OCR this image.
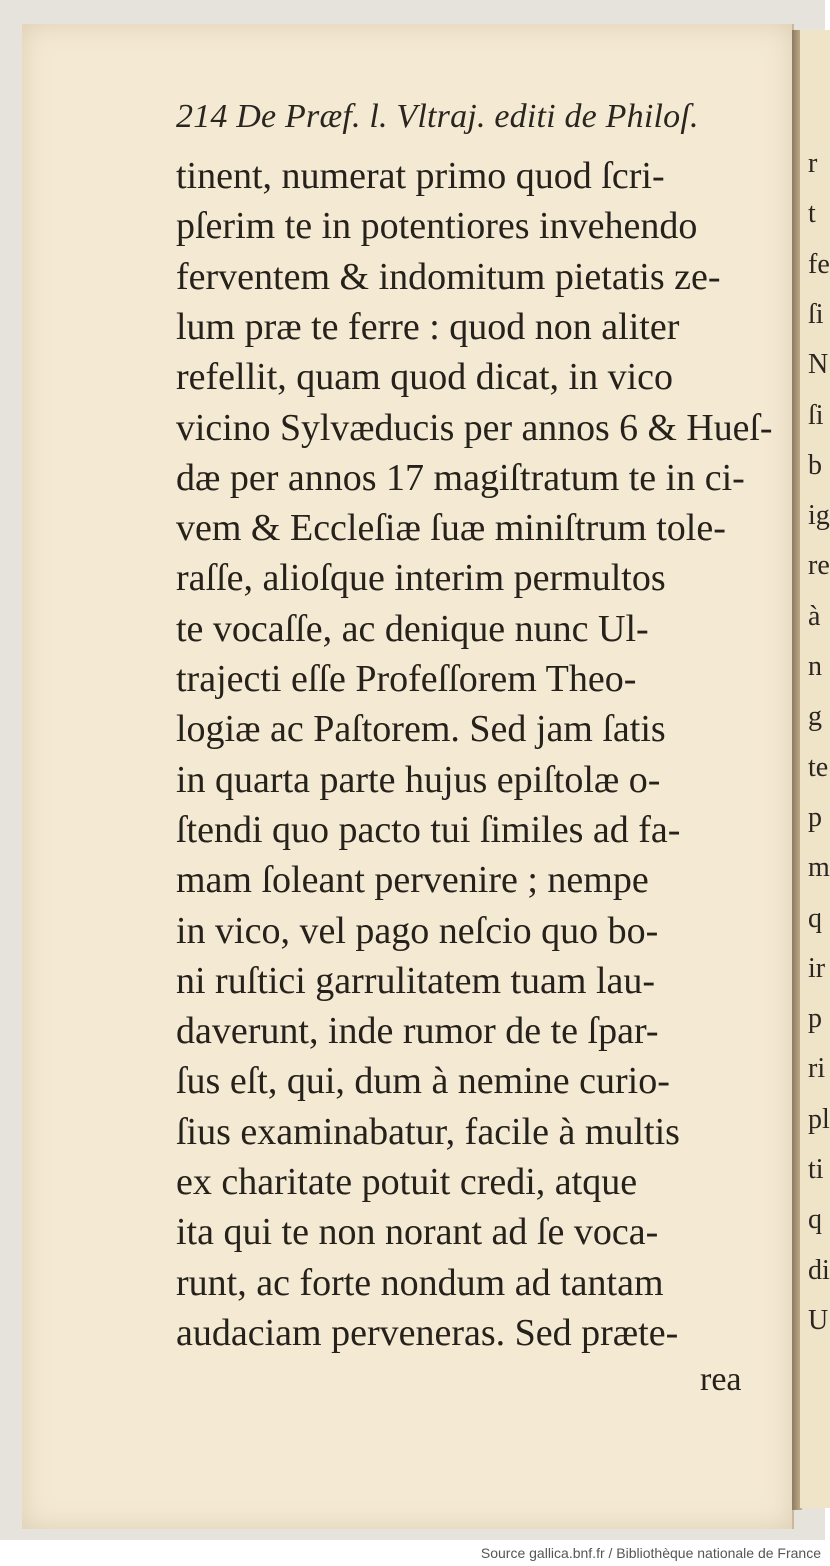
r
t
fe
ſi
N
ſi
b
ig
re
à
n
g
te
p
m
q
ir
p
ri
pl
ti
q
di
U
214 De Præf. l. Vltraj. editi de Philoſ.
tinent, numerat primo quod ſcri-
pſerim te in potentiores invehendo
ferventem & indomitum pietatis ze-
lum præ te ferre : quod non aliter
refellit, quam quod dicat, in vico
vicino Sylvæducis per annos 6 & Hueſ-
dæ per annos 17 magiſtratum te in ci-
vem & Eccleſiæ ſuæ miniſtrum tole-
raſſe, alioſque interim permultos
te vocaſſe, ac denique nunc Ul-
trajecti eſſe Profeſſorem Theo-
logiæ ac Paſtorem. Sed jam ſatis
in quarta parte hujus epiſtolæ o-
ſtendi quo pacto tui ſimiles ad fa-
mam ſoleant pervenire ; nempe
in vico, vel pago neſcio quo bo-
ni ruſtici garrulitatem tuam lau-
daverunt, inde rumor de te ſpar-
ſus eſt, qui, dum à nemine curio-
ſius examinabatur, facile à multis
ex charitate potuit credi, atque
ita qui te non norant ad ſe voca-
runt, ac forte nondum ad tantam
audaciam perveneras. Sed præte-
rea
Source gallica.bnf.fr / Bibliothèque nationale de France
